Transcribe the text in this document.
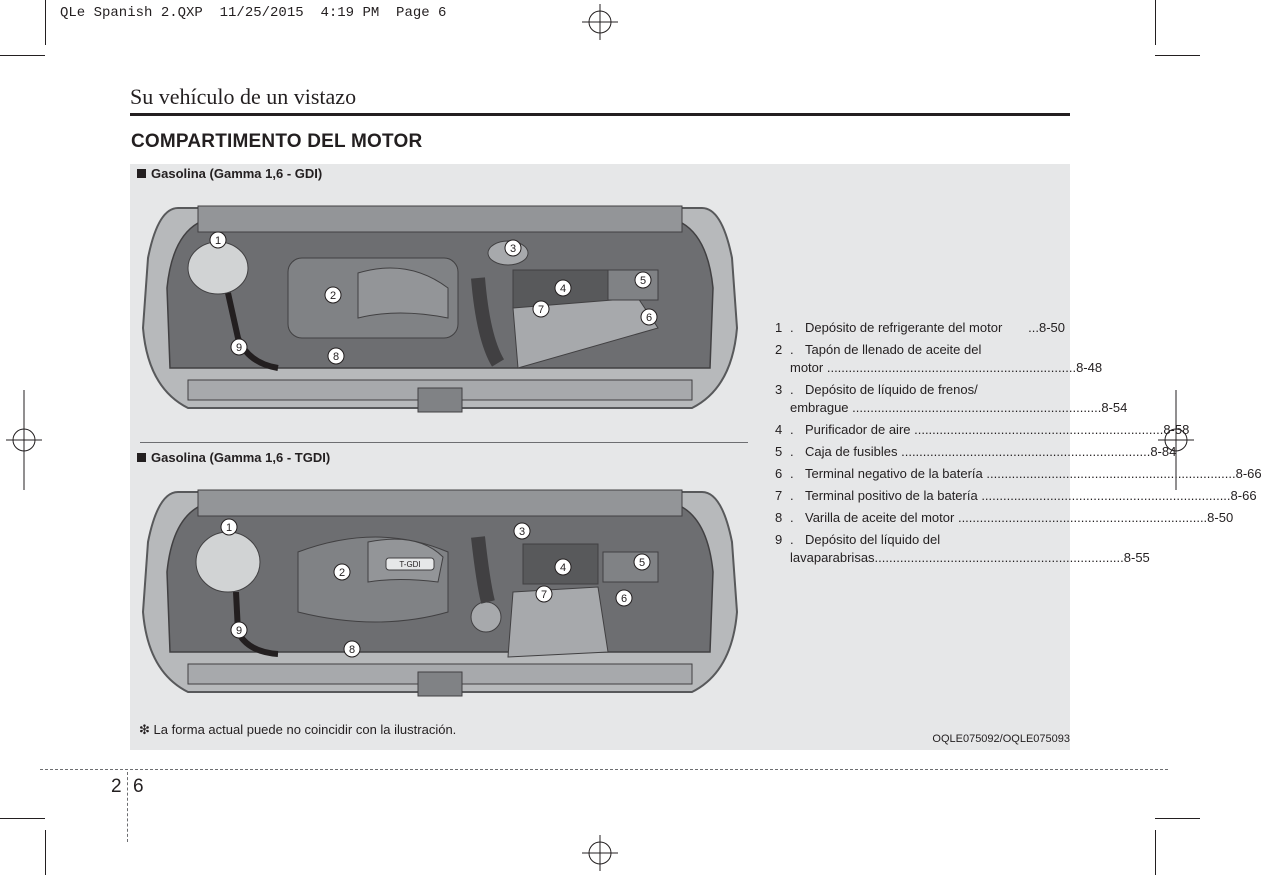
QLe Spanish 2.QXP  11/25/2015  4:19 PM  Page 6
Su vehículo de un vistazo
COMPARTIMENTO DEL MOTOR
Gasolina (Gamma 1,6 - GDI)
1
2
3
4
5
6
7
8
9
Gasolina (Gamma 1,6 - TGDI)
T-GDI
1
2
3
4	5
6
7
8
9
1 . Depósito de refrigerante del motor	... 8-50
2 . Tapón de llenado de aceite del
motor ..................................................................... 8-48
3 . Depósito de líquido de frenos/
embrague ..................................................................... 8-54
4 . Purificador de aire ..................................................................... 8-58
5 . Caja de fusibles ..................................................................... 8-84
6 . Terminal negativo de la batería ..................................................................... 8-66
7 . Terminal positivo de la batería ..................................................................... 8-66
8 . Varilla de aceite del motor ..................................................................... 8-50
9 . Depósito del líquido del
lavaparabrisas ..................................................................... 8-55
❇ La forma actual puede no coincidir con la ilustración.
OQLE075092/OQLE075093
2 6
